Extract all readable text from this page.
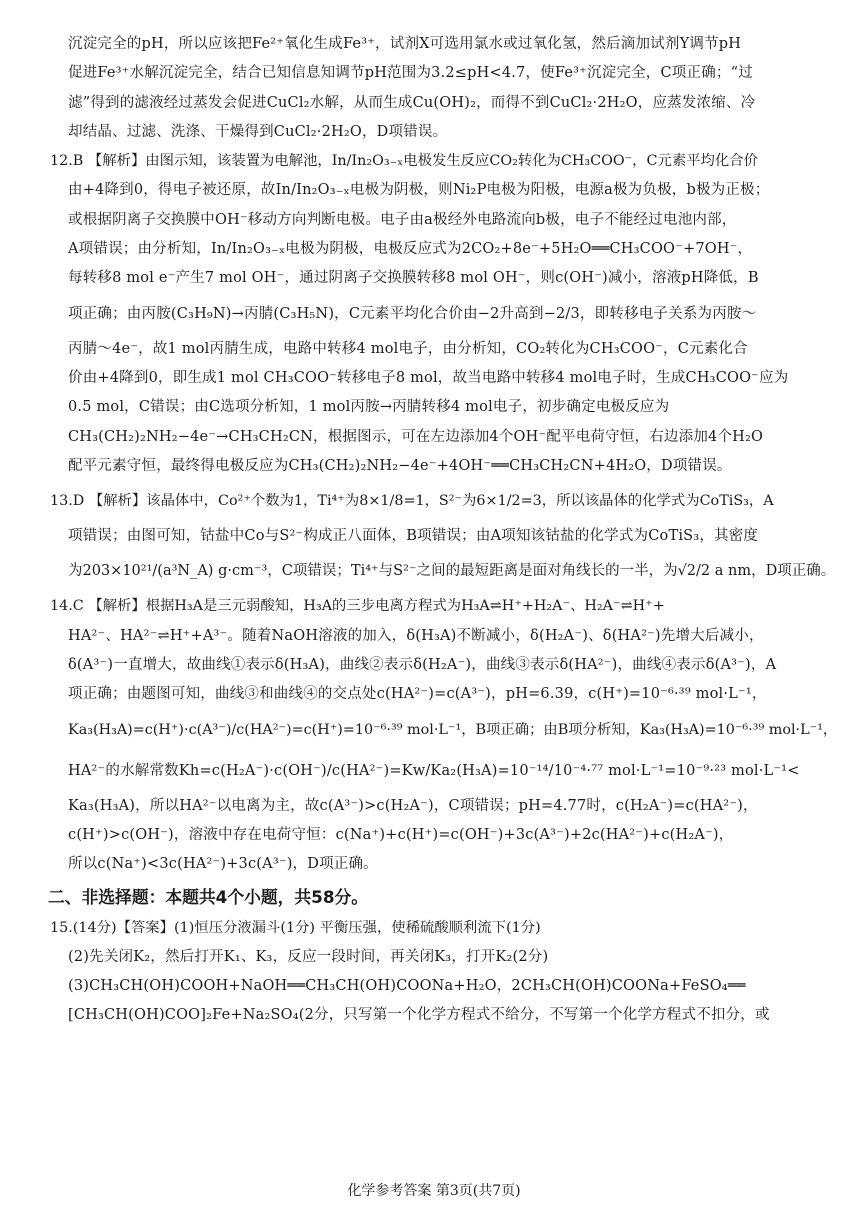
沉淀完全的pH，所以应该把Fe²⁺氧化生成Fe³⁺，试剂X可选用氯水或过氧化氢，然后滴加试剂Y调节pH
促进Fe³⁺水解沉淀完全，结合已知信息知调节pH范围为3.2≤pH<4.7，使Fe³⁺沉淀完全，C项正确；“过
滤”得到的滤液经过蒸发会促进CuCl₂水解，从而生成Cu(OH)₂，而得不到CuCl₂·2H₂O，应蒸发浓缩、冷
却结晶、过滤、洗涤、干燥得到CuCl₂·2H₂O，D项错误。
12.B 【解析】由图示知，该装置为电解池，In/In₂O₃₋ₓ电极发生反应CO₂转化为CH₃COO⁻，C元素平均化合价
由+4降到0，得电子被还原，故In/In₂O₃₋ₓ电极为阴极，则Ni₂P电极为阳极，电源a极为负极，b极为正极；
或根据阴离子交换膜中OH⁻移动方向判断电极。电子由a极经外电路流向b极，电子不能经过电池内部，
A项错误；由分析知，In/In₂O₃₋ₓ电极为阴极，电极反应式为2CO₂+8e⁻+5H₂O══CH₃COO⁻+7OH⁻，
每转移8 mol e⁻产生7 mol OH⁻，通过阴离子交换膜转移8 mol OH⁻，则c(OH⁻)减小，溶液pH降低，B
项正确；由丙胺(C₃H₉N)→丙腈(C₃H₅N)，C元素平均化合价由−2升高到−2/3，即转移电子关系为丙胺～
丙腈～4e⁻，故1 mol丙腈生成，电路中转移4 mol电子，由分析知，CO₂转化为CH₃COO⁻，C元素化合
价由+4降到0，即生成1 mol CH₃COO⁻转移电子8 mol，故当电路中转移4 mol电子时，生成CH₃COO⁻应为
0.5 mol，C错误；由C选项分析知，1 mol丙胺→丙腈转移4 mol电子，初步确定电极反应为
CH₃(CH₂)₂NH₂−4e⁻→CH₃CH₂CN，根据图示，可在左边添加4个OH⁻配平电荷守恒，右边添加4个H₂O
配平元素守恒，最终得电极反应为CH₃(CH₂)₂NH₂−4e⁻+4OH⁻══CH₃CH₂CN+4H₂O，D项错误。
13.D 【解析】该晶体中，Co²⁺个数为1，Ti⁴⁺为8×1/8=1，S²⁻为6×1/2=3，所以该晶体的化学式为CoTiS₃，A
项错误；由图可知，钴盐中Co与S²⁻构成正八面体，B项错误；由A项知该钴盐的化学式为CoTiS₃，其密度
为203×10²¹/(a³N_A) g·cm⁻³，C项错误；Ti⁴⁺与S²⁻之间的最短距离是面对角线长的一半，为√2/2 a nm，D项正确。
14.C 【解析】根据H₃A是三元弱酸知，H₃A的三步电离方程式为H₃A⇌H⁺+H₂A⁻、H₂A⁻⇌H⁺+
HA²⁻、HA²⁻⇌H⁺+A³⁻。随着NaOH溶液的加入，δ(H₃A)不断减小，δ(H₂A⁻)、δ(HA²⁻)先增大后减小，
δ(A³⁻)一直增大，故曲线①表示δ(H₃A)，曲线②表示δ(H₂A⁻)，曲线③表示δ(HA²⁻)，曲线④表示δ(A³⁻)，A
项正确；由题图可知，曲线③和曲线④的交点处c(HA²⁻)=c(A³⁻)，pH=6.39，c(H⁺)=10⁻⁶·³⁹ mol·L⁻¹，
Ka₃(H₃A)=c(H⁺)·c(A³⁻)/c(HA²⁻)=c(H⁺)=10⁻⁶·³⁹ mol·L⁻¹，B项正确；由B项分析知，Ka₃(H₃A)=10⁻⁶·³⁹ mol·L⁻¹，
HA²⁻的水解常数Kh=c(H₂A⁻)·c(OH⁻)/c(HA²⁻)=Kw/Ka₂(H₃A)=10⁻¹⁴/10⁻⁴·⁷⁷ mol·L⁻¹=10⁻⁹·²³ mol·L⁻¹<
Ka₃(H₃A)，所以HA²⁻以电离为主，故c(A³⁻)>c(H₂A⁻)，C项错误；pH=4.77时，c(H₂A⁻)=c(HA²⁻)，
c(H⁺)>c(OH⁻)，溶液中存在电荷守恒：c(Na⁺)+c(H⁺)=c(OH⁻)+3c(A³⁻)+2c(HA²⁻)+c(H₂A⁻)，
所以c(Na⁺)<3c(HA²⁻)+3c(A³⁻)，D项正确。
二、非选择题：本题共4个小题，共58分。
15.(14分)【答案】(1)恒压分液漏斗(1分) 平衡压强，使稀硫酸顺利流下(1分)
(2)先关闭K₂，然后打开K₁、K₃，反应一段时间，再关闭K₃，打开K₂(2分)
(3)CH₃CH(OH)COOH+NaOH══CH₃CH(OH)COONa+H₂O，2CH₃CH(OH)COONa+FeSO₄══
[CH₃CH(OH)COO]₂Fe+Na₂SO₄(2分，只写第一个化学方程式不给分，不写第一个化学方程式不扣分，或
化学参考答案 第3页(共7页)
